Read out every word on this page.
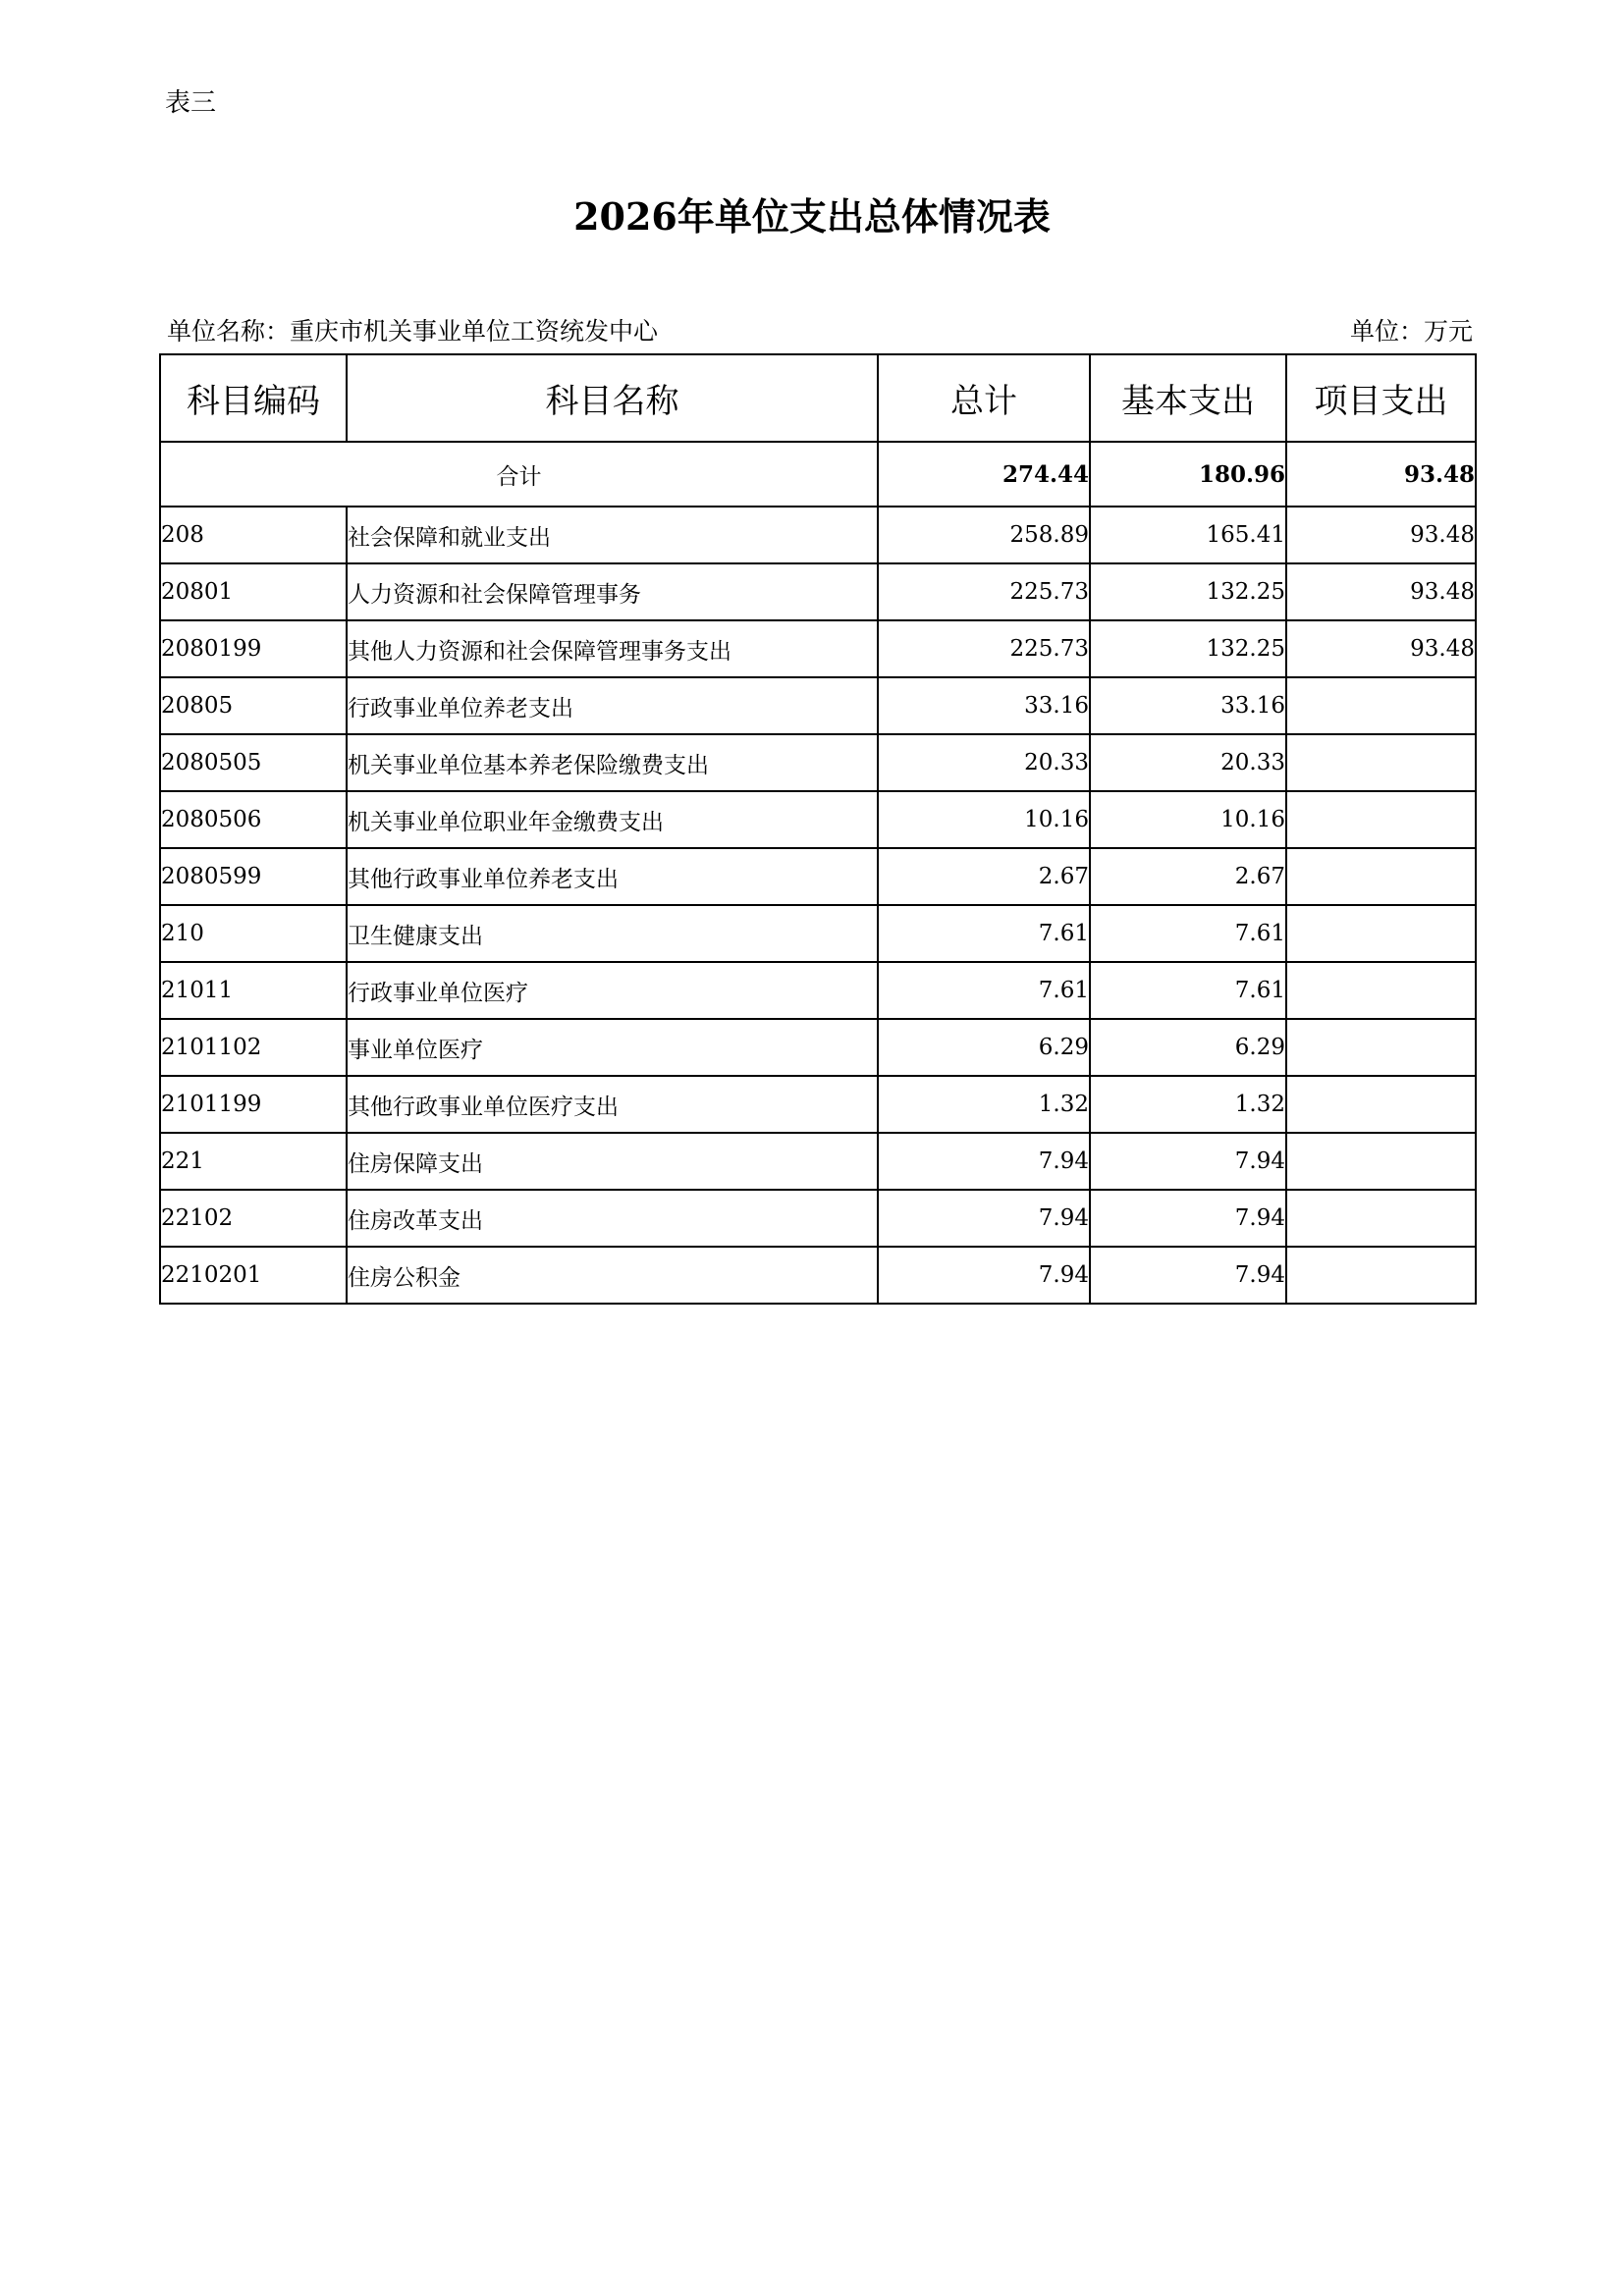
表三
2026年单位支出总体情况表
单位名称：重庆市机关事业单位工资统发中心	单位：万元
科目编码	科目名称	总计	基本支出	项目支出
合计		274.44	180.96	93.48
208	社会保障和就业支出	258.89	165.41	93.48
20801	人力资源和社会保障管理事务	225.73	132.25	93.48
2080199	其他人力资源和社会保障管理事务支出	225.73	132.25	93.48
20805	行政事业单位养老支出	33.16	33.16	
2080505	机关事业单位基本养老保险缴费支出	20.33	20.33	
2080506	机关事业单位职业年金缴费支出	10.16	10.16	
2080599	其他行政事业单位养老支出	2.67	2.67	
210	卫生健康支出	7.61	7.61	
21011	行政事业单位医疗	7.61	7.61	
2101102	事业单位医疗	6.29	6.29	
2101199	其他行政事业单位医疗支出	1.32	1.32	
221	住房保障支出	7.94	7.94	
22102	住房改革支出	7.94	7.94	
2210201	住房公积金	7.94	7.94	
